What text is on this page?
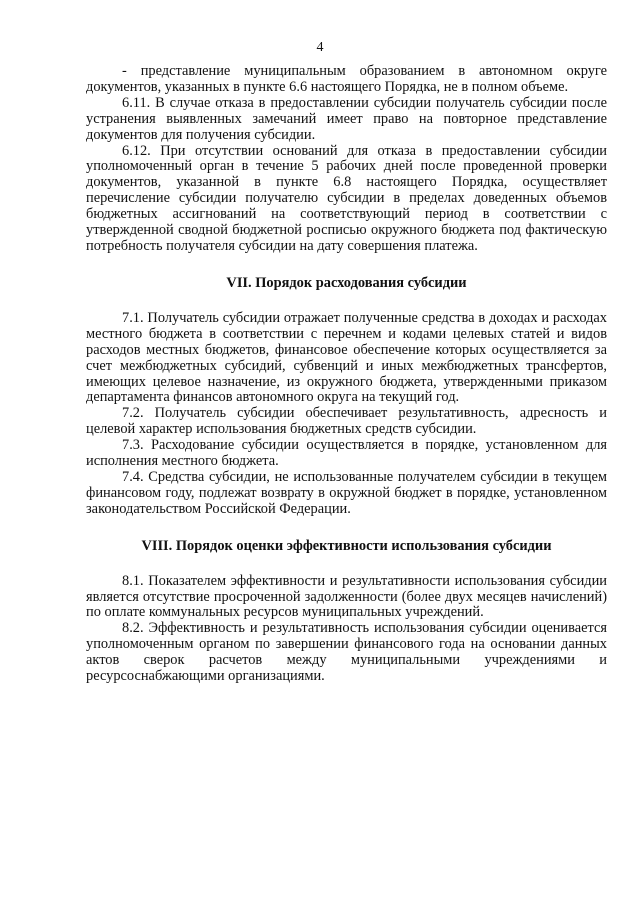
4

- представление муниципальным образованием в автономном округе документов, указанных в пункте 6.6 настоящего Порядка, не в полном объеме.

6.11. В случае отказа в предоставлении субсидии получатель субсидии после устранения выявленных замечаний имеет право на повторное представление документов для получения субсидии.

6.12. При отсутствии оснований для отказа в предоставлении субсидии уполномоченный орган в течение 5 рабочих дней после проведенной проверки документов, указанной в пункте 6.8 настоящего Порядка, осуществляет перечисление субсидии получателю субсидии в пределах доведенных объемов бюджетных ассигнований на соответствующий период в соответствии с утвержденной сводной бюджетной росписью окружного бюджета под фактическую потребность получателя субсидии на дату совершения платежа.

VII. Порядок расходования субсидии

7.1. Получатель субсидии отражает полученные средства в доходах и расходах местного бюджета в соответствии с перечнем и кодами целевых статей и видов расходов местных бюджетов, финансовое обеспечение которых осуществляется за счет межбюджетных субсидий, субвенций и иных межбюджетных трансфертов, имеющих целевое назначение, из окружного бюджета, утвержденными приказом департамента финансов автономного округа на текущий год.

7.2. Получатель субсидии обеспечивает результативность, адресность и целевой характер использования бюджетных средств субсидии.

7.3. Расходование субсидии осуществляется в порядке, установленном для исполнения местного бюджета.

7.4. Средства субсидии, не использованные получателем субсидии в текущем финансовом году, подлежат возврату в окружной бюджет в порядке, установленном законодательством Российской Федерации.

VIII. Порядок оценки эффективности использования субсидии

8.1. Показателем эффективности и результативности использования субсидии является отсутствие просроченной задолженности (более двух месяцев начислений) по оплате коммунальных ресурсов муниципальных учреждений.

8.2. Эффективность и результативность использования субсидии оценивается уполномоченным органом по завершении финансового года на основании данных актов сверок расчетов между муниципальными учреждениями и ресурсоснабжающими организациями.
